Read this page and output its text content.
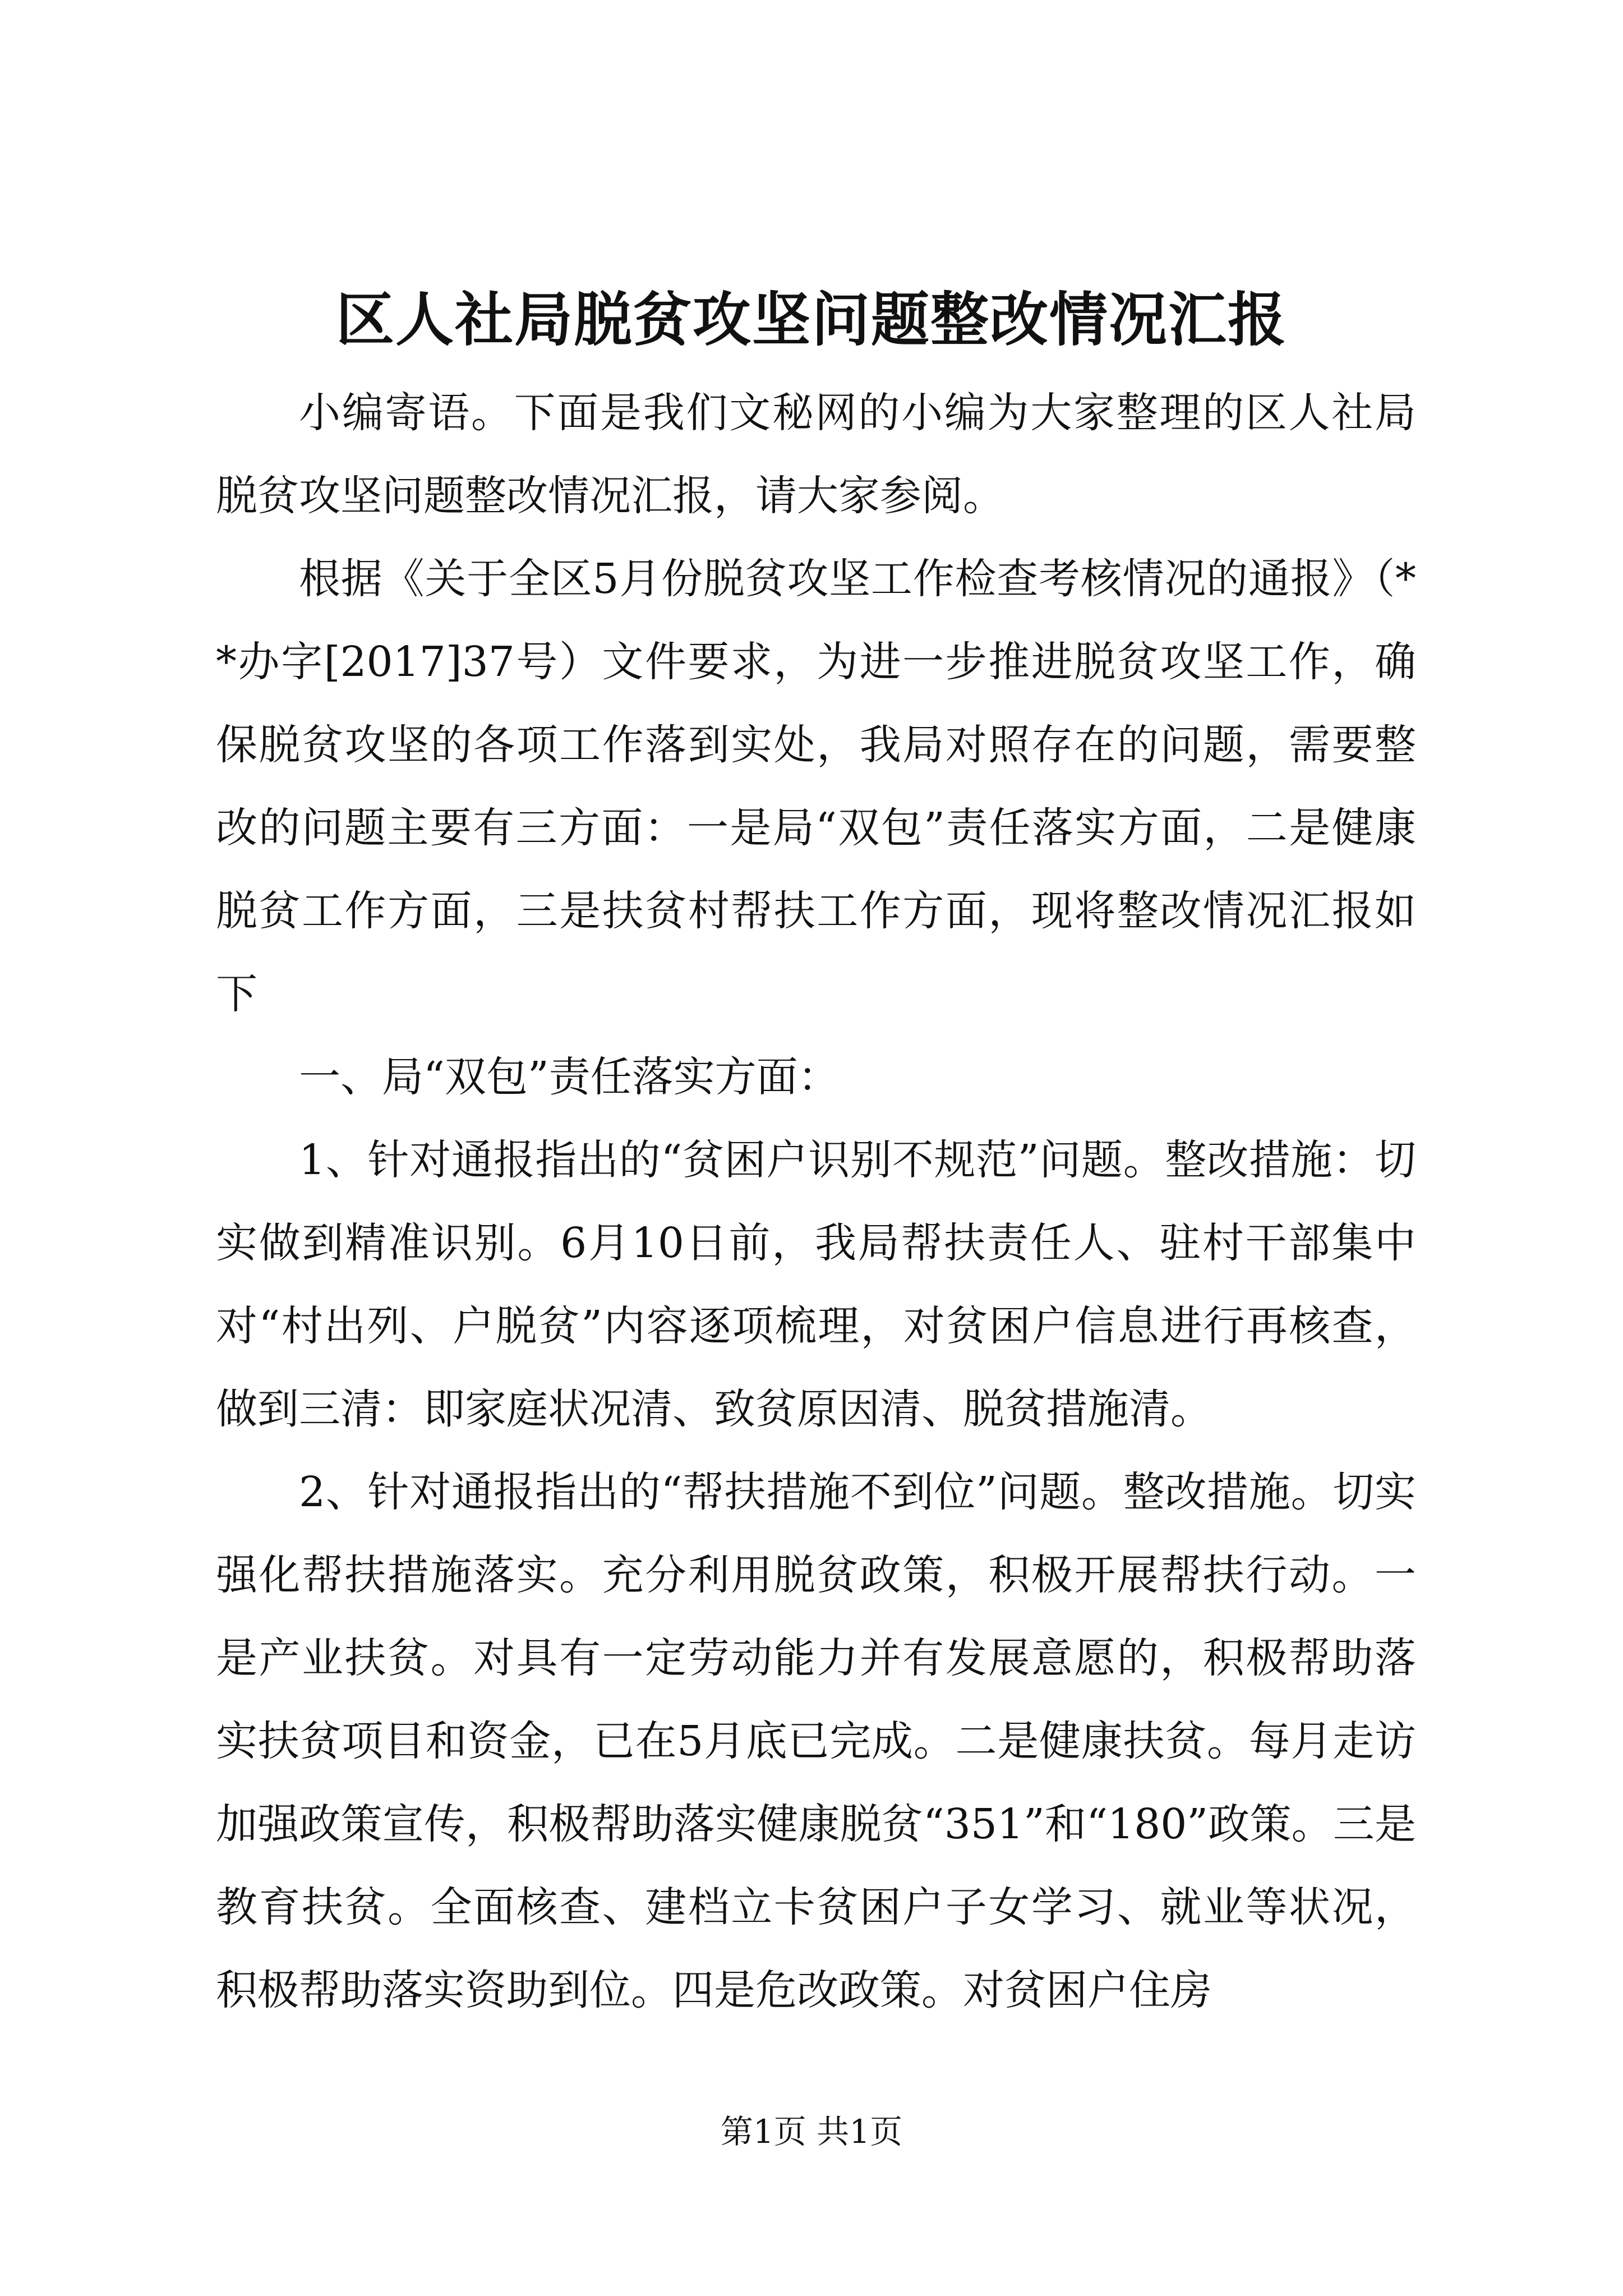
区人社局脱贫攻坚问题整改情况汇报

小编寄语。下面是我们文秘网的小编为大家整理的区人社局脱贫攻坚问题整改情况汇报，请大家参阅。

根据《关于全区5月份脱贫攻坚工作检查考核情况的通报》（**办字[2017]37号）文件要求，为进一步推进脱贫攻坚工作，确保脱贫攻坚的各项工作落到实处，我局对照存在的问题，需要整改的问题主要有三方面：一是局“双包”责任落实方面，二是健康脱贫工作方面，三是扶贫村帮扶工作方面，现将整改情况汇报如下

一、局“双包”责任落实方面：

1、针对通报指出的“贫困户识别不规范”问题。整改措施：切实做到精准识别。6月10日前，我局帮扶责任人、驻村干部集中对“村出列、户脱贫”内容逐项梳理，对贫困户信息进行再核查，做到三清：即家庭状况清、致贫原因清、脱贫措施清。

2、针对通报指出的“帮扶措施不到位”问题。整改措施。切实强化帮扶措施落实。充分利用脱贫政策，积极开展帮扶行动。一是产业扶贫。对具有一定劳动能力并有发展意愿的，积极帮助落实扶贫项目和资金，已在5月底已完成。二是健康扶贫。每月走访加强政策宣传，积极帮助落实健康脱贫“351”和“180”政策。三是教育扶贫。全面核查、建档立卡贫困户子女学习、就业等状况，积极帮助落实资助到位。四是危改政策。对贫困户住房

第1页 共1页
